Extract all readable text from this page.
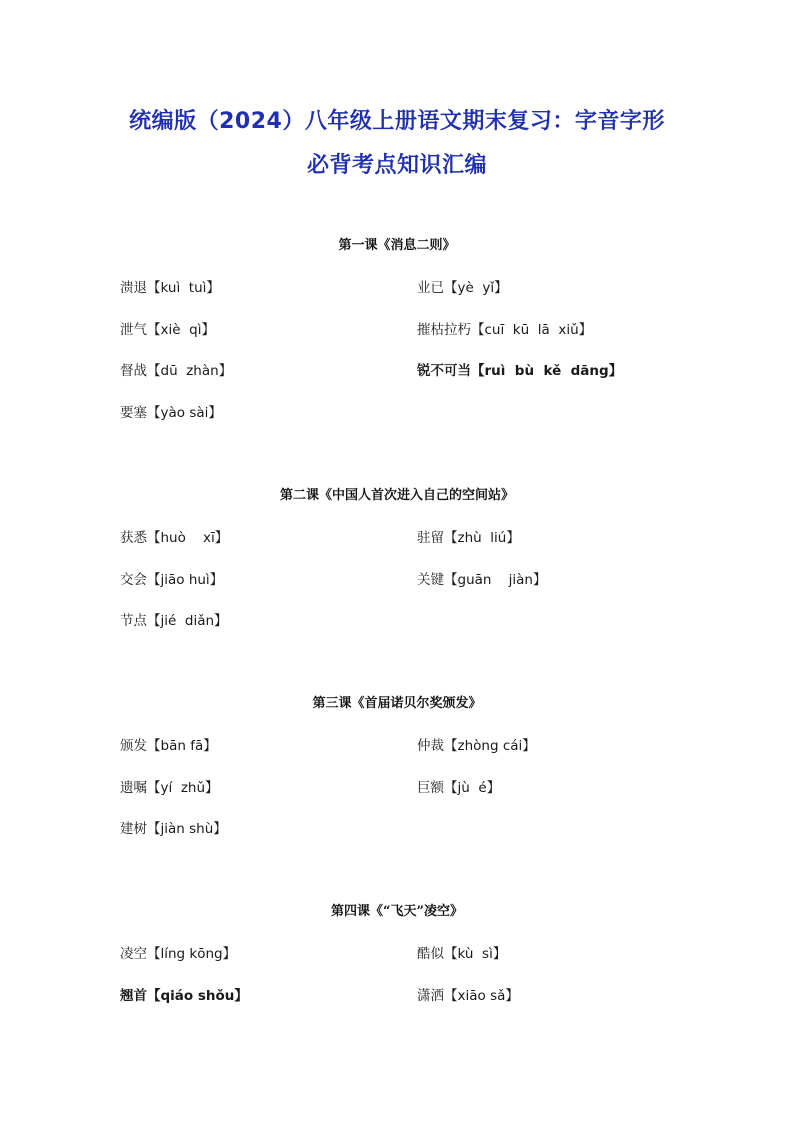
统编版（2024）八年级上册语文期末复习：字音字形
必背考点知识汇编
第一课《消息二则》
溃退【kuì  tuì】	业已【yè  yǐ】
泄气【xiè  qì】	摧枯拉朽【cuī  kū  lā  xiǔ】
督战【dū  zhàn】	锐不可当【ruì  bù  kě  dāng】
要塞【yào sài】
第二课《中国人首次进入自己的空间站》
获悉【huò    xī】	驻留【zhù  liú】
交会【jiāo huì】	关键【guān    jiàn】
节点【jié  diǎn】
第三课《首届诺贝尔奖颁发》
颁发【bān fā】	仲裁【zhòng cái】
遗嘱【yí  zhǔ】	巨额【jù  é】
建树【jiàn shù】
第四课《“飞天”凌空》
凌空【líng kōng】	酷似【kù  sì】
翘首【qiáo shǒu】	潇洒【xiāo sǎ】
